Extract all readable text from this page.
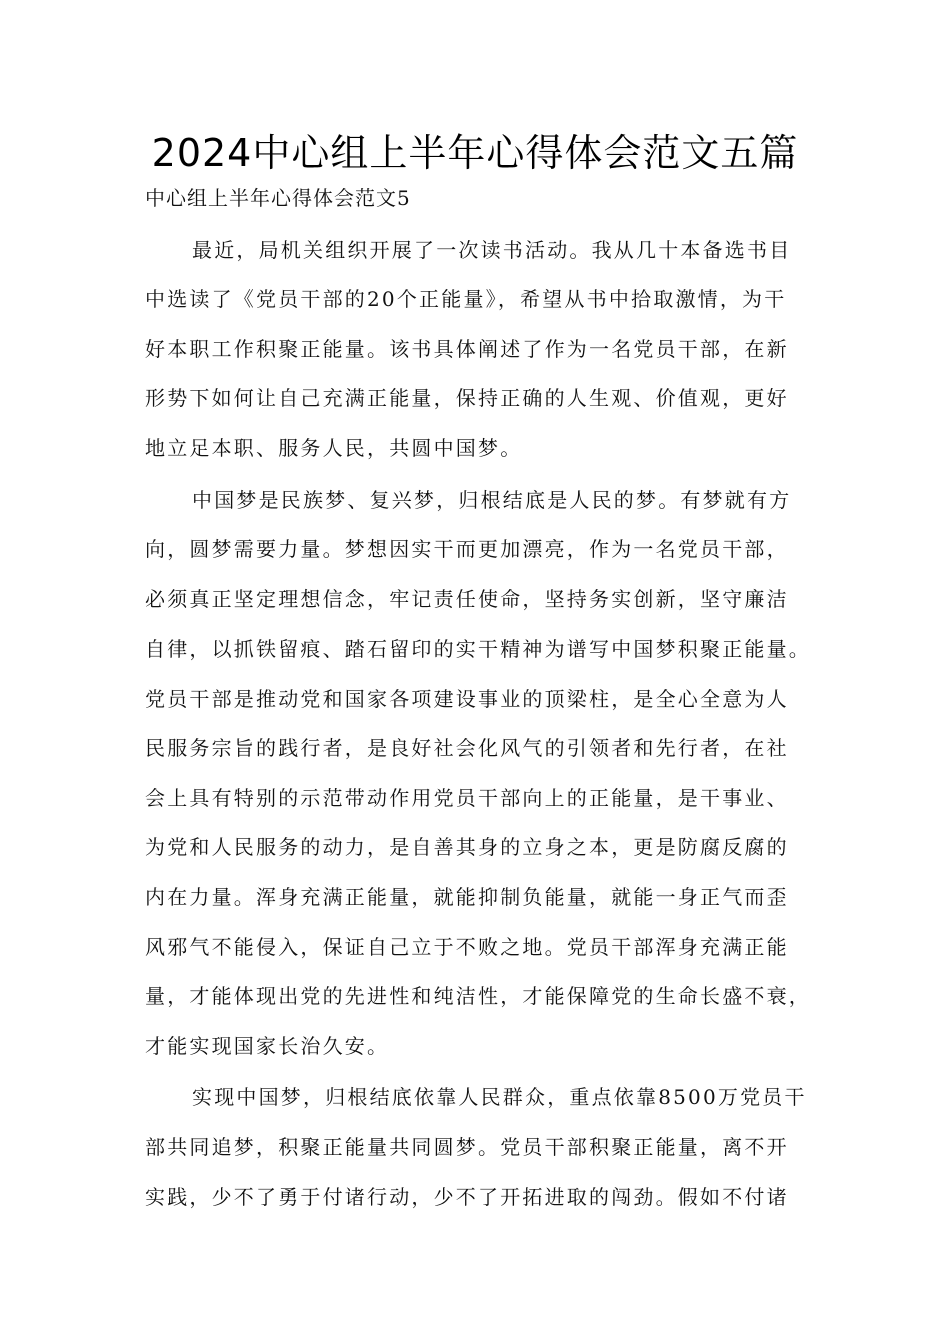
2024中心组上半年心得体会范文五篇
中心组上半年心得体会范文5
最近，局机关组织开展了一次读书活动。我从几十本备选书目
中选读了《党员干部的20个正能量》，希望从书中拾取激情，为干
好本职工作积聚正能量。该书具体阐述了作为一名党员干部，在新
形势下如何让自己充满正能量，保持正确的人生观、价值观，更好
地立足本职、服务人民，共圆中国梦。
中国梦是民族梦、复兴梦，归根结底是人民的梦。有梦就有方
向，圆梦需要力量。梦想因实干而更加漂亮，作为一名党员干部，
必须真正坚定理想信念，牢记责任使命，坚持务实创新，坚守廉洁
自律，以抓铁留痕、踏石留印的实干精神为谱写中国梦积聚正能量。
党员干部是推动党和国家各项建设事业的顶梁柱，是全心全意为人
民服务宗旨的践行者，是良好社会化风气的引领者和先行者，在社
会上具有特别的示范带动作用党员干部向上的正能量，是干事业、
为党和人民服务的动力，是自善其身的立身之本，更是防腐反腐的
内在力量。浑身充满正能量，就能抑制负能量，就能一身正气而歪
风邪气不能侵入，保证自己立于不败之地。党员干部浑身充满正能
量，才能体现出党的先进性和纯洁性，才能保障党的生命长盛不衰，
才能实现国家长治久安。
实现中国梦，归根结底依靠人民群众，重点依靠8500万党员干
部共同追梦，积聚正能量共同圆梦。党员干部积聚正能量，离不开
实践，少不了勇于付诸行动，少不了开拓进取的闯劲。假如不付诸
